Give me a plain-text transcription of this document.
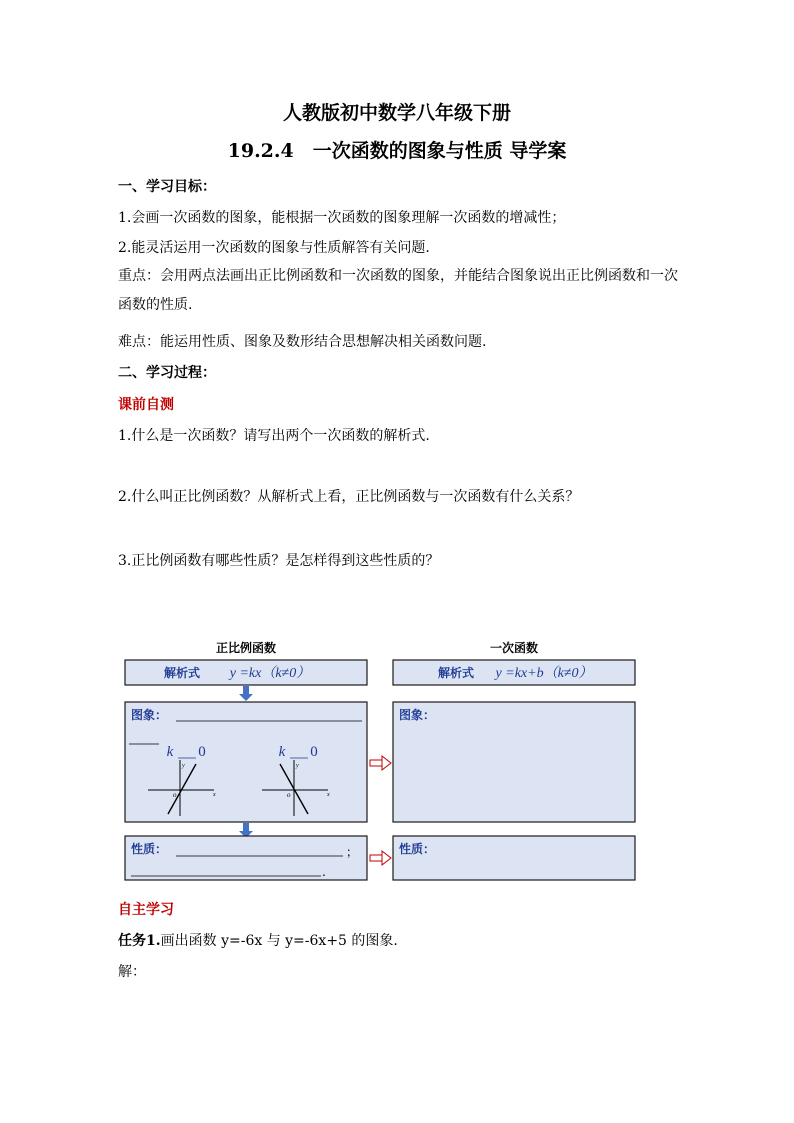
人教版初中数学八年级下册
19.2.4　一次函数的图象与性质 导学案
一、学习目标：
1.会画一次函数的图象，能根据一次函数的图象理解一次函数的增减性；
2.能灵活运用一次函数的图象与性质解答有关问题.
重点：会用两点法画出正比例函数和一次函数的图象，并能结合图象说出正比例函数和一次函数的性质.
难点：能运用性质、图象及数形结合思想解决相关函数问题.
二、学习过程：
课前自测
1.什么是一次函数？请写出两个一次函数的解析式.
2.什么叫正比例函数？从解析式上看，正比例函数与一次函数有什么关系？
3.正比例函数有哪些性质？是怎样得到这些性质的？
正比例函数	一次函数
解析式 y =kx（k≠0）	解析式 y =kx+b（k≠0）
图象：
k 0
y
x
o
k 0
y
x
o
图象：
性质：	；
.
性质：
自主学习
任务1.画出函数 y=-6x 与 y=-6x+5 的图象.
解：
